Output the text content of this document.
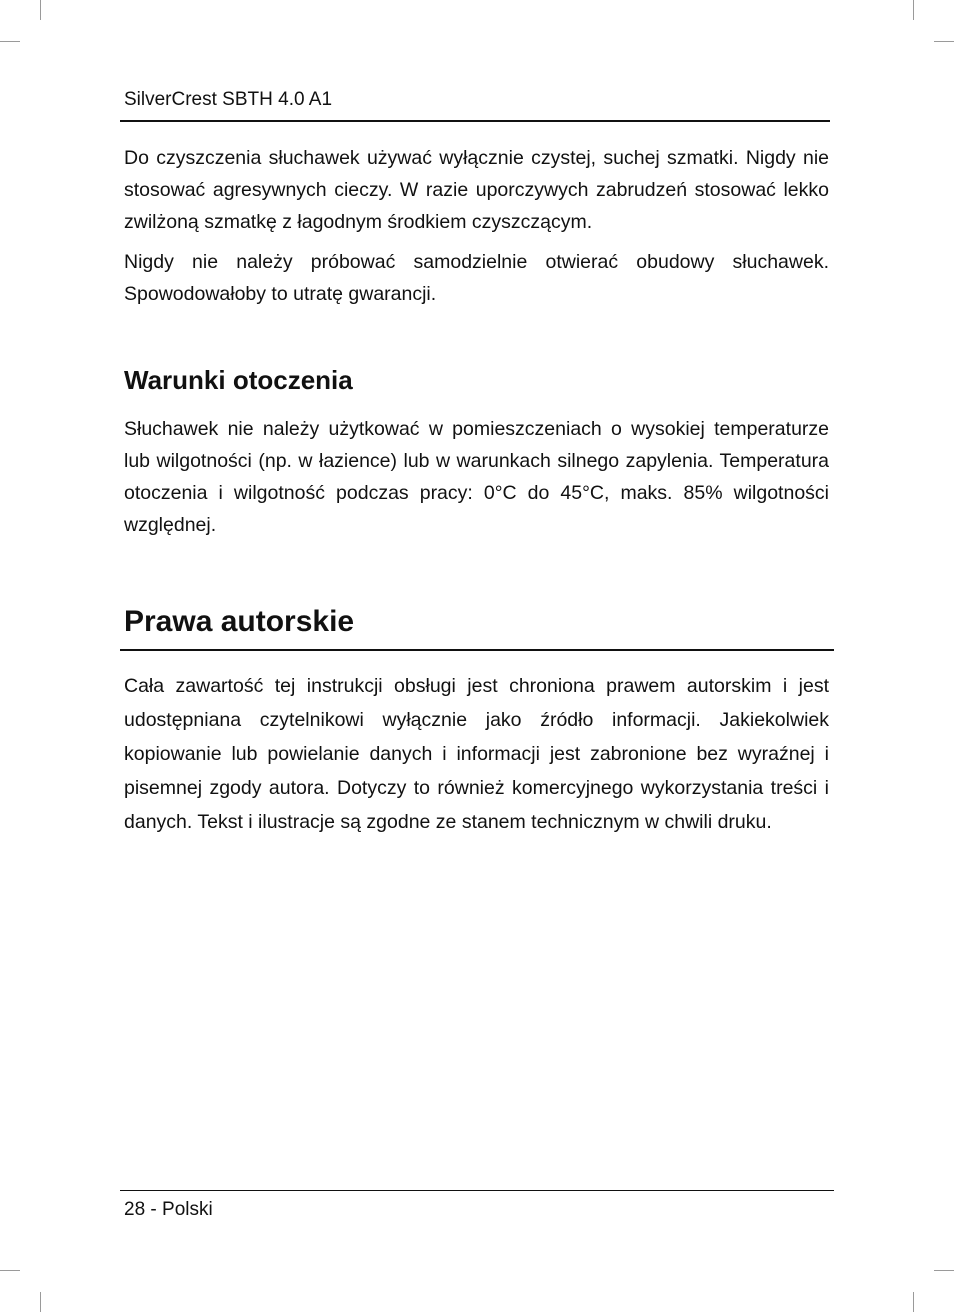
SilverCrest SBTH 4.0 A1

Do czyszczenia słuchawek używać wyłącznie czystej, suchej szmatki. Nigdy nie stosować agresywnych cieczy. W razie uporczywych zabrudzeń stosować lekko zwilżoną szmatkę z łagodnym środkiem czyszczącym.

Nigdy nie należy próbować samodzielnie otwierać obudowy słuchawek. Spowodowałoby to utratę gwarancji.

Warunki otoczenia

Słuchawek nie należy użytkować w pomieszczeniach o wysokiej temperaturze lub wilgotności (np. w łazience) lub w warunkach silnego zapylenia. Temperatura otoczenia i wilgotność podczas pracy: 0°C do 45°C, maks. 85% wilgotności względnej.

Prawa autorskie

Cała zawartość tej instrukcji obsługi jest chroniona prawem autorskim i jest udostępniana czytelnikowi wyłącznie jako źródło informacji. Jakiekolwiek kopiowanie lub powielanie danych i informacji jest zabronione bez wyraźnej i pisemnej zgody autora. Dotyczy to również komercyjnego wykorzystania treści i danych. Tekst i ilustracje są zgodne ze stanem technicznym w chwili druku.

28 - Polski
